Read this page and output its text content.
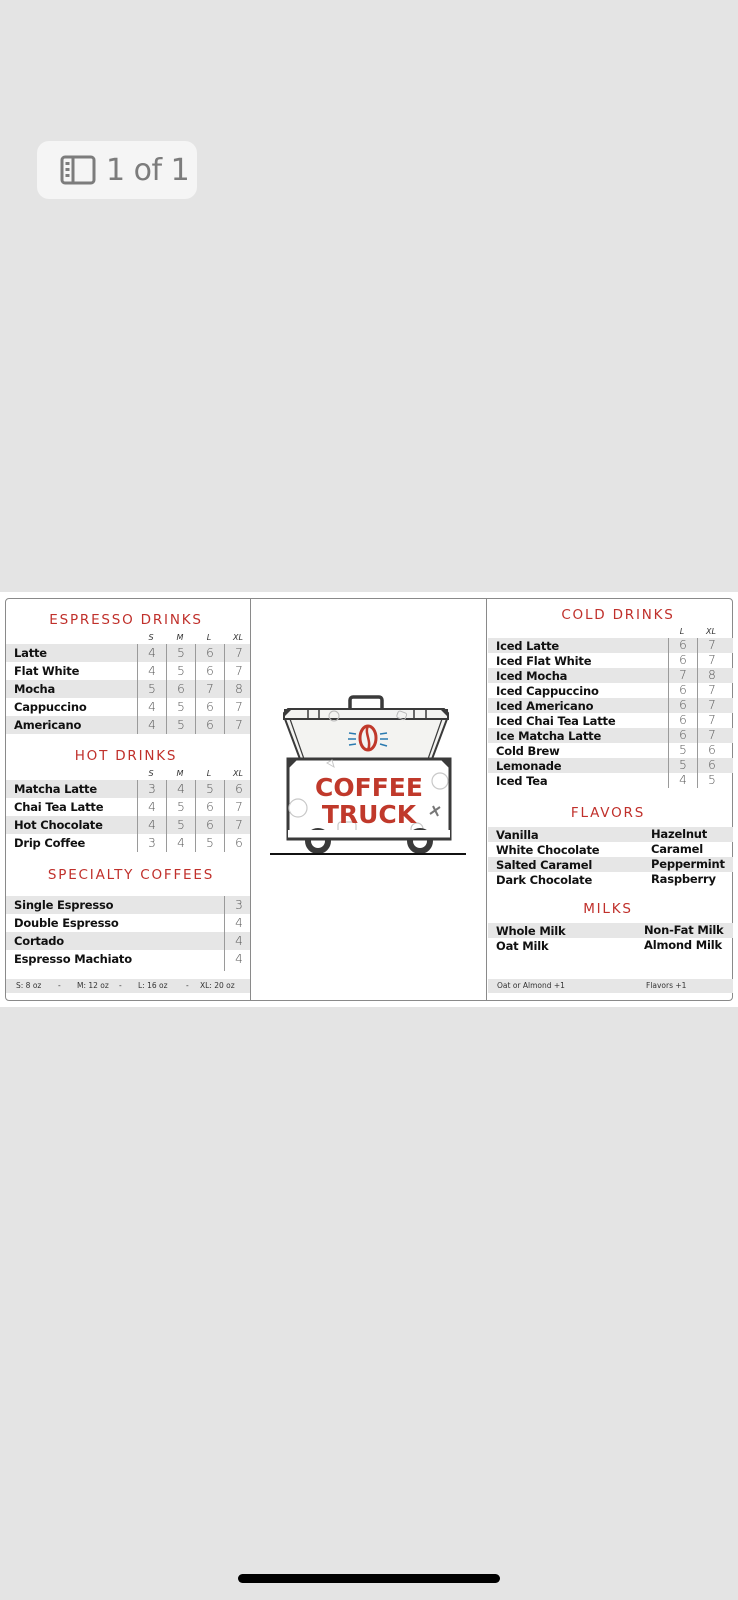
1 of 1
ESPRESSO DRINKS
S	M	L	XL
Latte	4	5	6	7
Flat White	4	5	6	7
Mocha	5	6	7	8
Cappuccino	4	5	6	7
Americano	4	5	6	7
HOT DRINKS
S	M	L	XL
Matcha Latte	3	4	5	6
Chai Tea Latte	4	5	6	7
Hot Chocolate	4	5	6	7
Drip Coffee	3	4	5	6
SPECIALTY COFFEES
Single Espresso	3
Double Espresso	4
Cortado	4
Espresso Machiato	4
S: 8 oz - M: 12 oz - L: 16 oz - XL: 20 oz
COFFEE
TRUCK
COLD DRINKS
L	XL
Iced Latte	6	7
Iced Flat White	6	7
Iced Mocha	7	8
Iced Cappuccino	6	7
Iced Americano	6	7
Iced Chai Tea Latte	6	7
Ice Matcha Latte	6	7
Cold Brew	5	6
Lemonade	5	6
Iced Tea	4	5
FLAVORS
Vanilla	Hazelnut
White Chocolate	Caramel
Salted Caramel	Peppermint
Dark Chocolate	Raspberry
MILKS
Whole Milk	Non-Fat Milk
Oat Milk	Almond Milk
Oat or Almond +1	Flavors +1
